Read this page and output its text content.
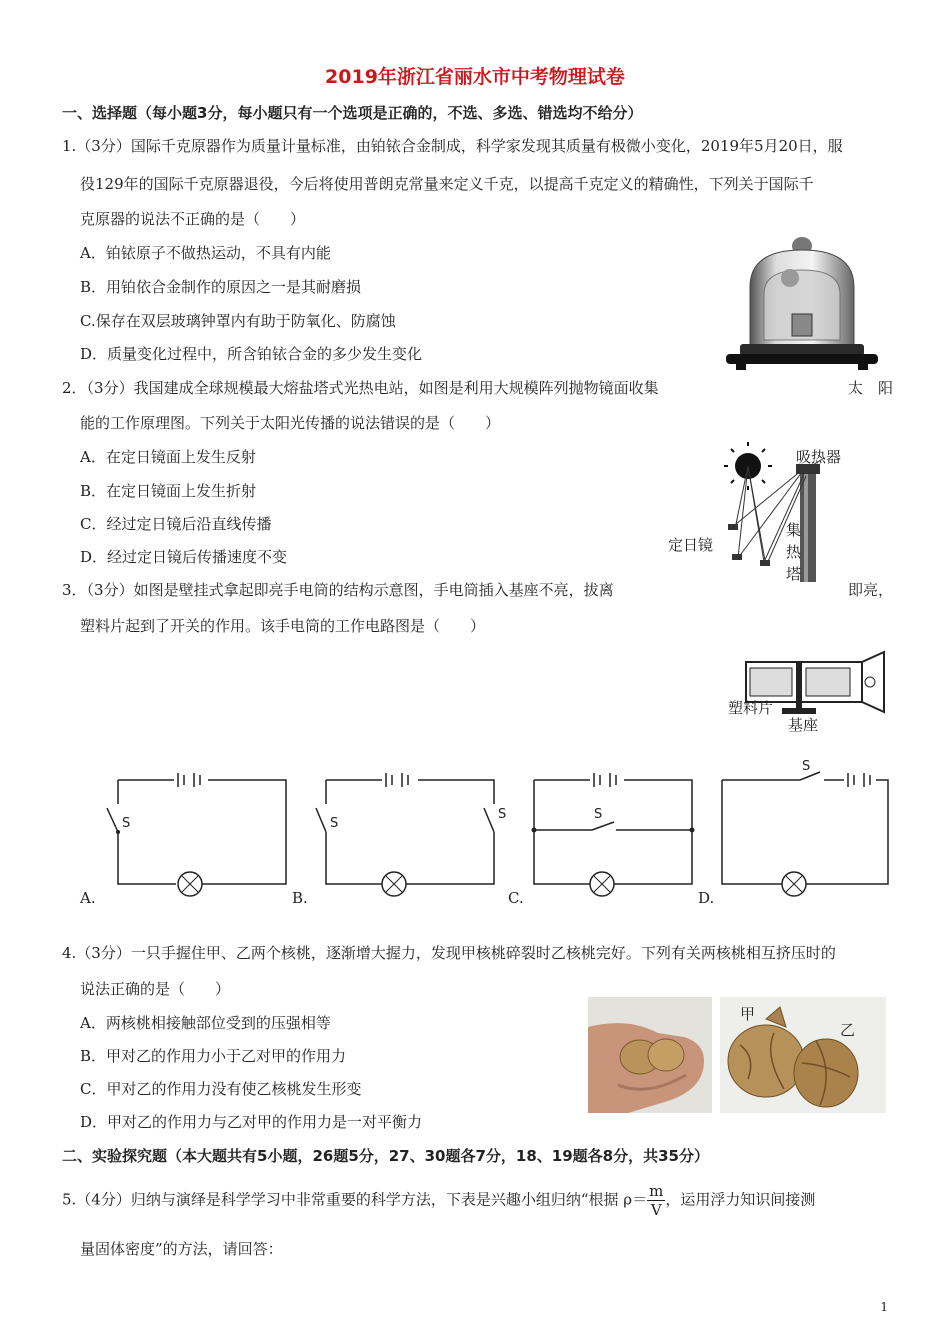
2019年浙江省丽水市中考物理试卷
一、选择题（每小题3分，每小题只有一个选项是正确的，不选、多选、错选均不给分）
1.（3分）国际千克原器作为质量计量标准，由铂铱合金制成，科学家发现其质量有极微小变化，2019年5月20日，服
役129年的国际千克原器退役，今后将使用普朗克常量来定义千克，以提高千克定义的精确性，下列关于国际千
克原器的说法不正确的是（　　）
A．铂铱原子不做热运动，不具有内能
B．用铂依合金制作的原因之一是其耐磨损
C.保存在双层玻璃钟罩内有助于防氧化、防腐蚀
D．质量变化过程中，所含铂铱合金的多少发生变化
2．（3分）我国建成全球规模最大熔盐塔式光热电站，如图是利用大规模阵列抛物镜面收集	太　阳
能的工作原理图。下列关于太阳光传播的说法错误的是（　　）
A．在定日镜面上发生反射
B．在定日镜面上发生折射
C．经过定日镜后沿直线传播
D．经过定日镜后传播速度不变
吸热器
定日镜
集
热
塔
3．（3分）如图是壁挂式拿起即亮手电筒的结构示意图，手电筒插入基座不亮，拔离	即亮，
塑料片起到了开关的作用。该手电筒的工作电路图是（　　）
塑料片
基座
S	S
S	S
S
A.	B.	C.	D.
4.（3分）一只手握住甲、乙两个核桃，逐渐增大握力，发现甲核桃碎裂时乙核桃完好。下列有关两核桃相互挤压时的
说法正确的是（　　）
A．两核桃相接触部位受到的压强相等
B．甲对乙的作用力小于乙对甲的作用力
C．甲对乙的作用力没有使乙核桃发生形变
D．甲对乙的作用力与乙对甲的作用力是一对平衡力
甲
乙
二、实验探究题（本大题共有5小题，26题5分，27、30题各7分，18、19题各8分，共35分）
5.（4分）归纳与演绎是科学学习中非常重要的科学方法，下表是兴趣小组归纳“根据 $\rho= \frac{m}{V}$ ，运用浮力知识间接测
量固体密度”的方法，请回答：
1
